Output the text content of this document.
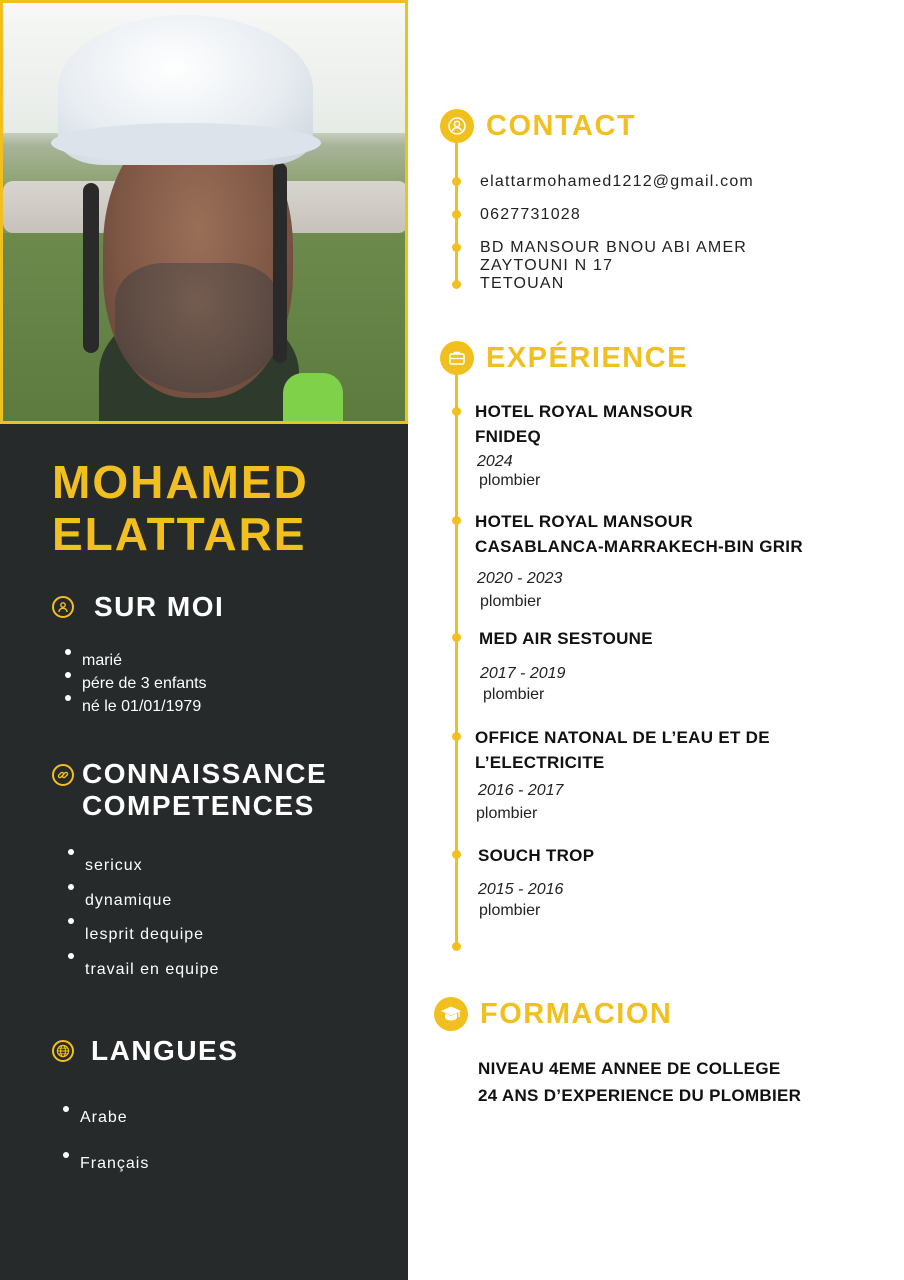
MOHAMED
ELATTARE
SUR MOI
marié
pére de 3 enfants
né le 01/01/1979
CONNAISSANCE
COMPETENCES
sericux
dynamique
lesprit dequipe
travail en equipe
LANGUES
Arabe
Français
CONTACT

elattarmohamed1212@gmail.com

0627731028

BD MANSOUR BNOU ABI AMER
ZAYTOUNI N 17
TETOUAN

EXPÉRIENCE

HOTEL ROYAL MANSOUR
FNIDEQ

2024

plombier

HOTEL ROYAL MANSOUR
CASABLANCA-MARRAKECH-BIN GRIR

2020 - 2023

plombier

MED AIR SESTOUNE

2017 - 2019

plombier

OFFICE NATONAL DE L’EAU ET DE
L’ELECTRICITE

2016 - 2017

plombier

SOUCH TROP

2015 - 2016

plombier

FORMACION

NIVEAU 4EME ANNEE DE COLLEGE
24 ANS D’EXPERIENCE DU PLOMBIER
